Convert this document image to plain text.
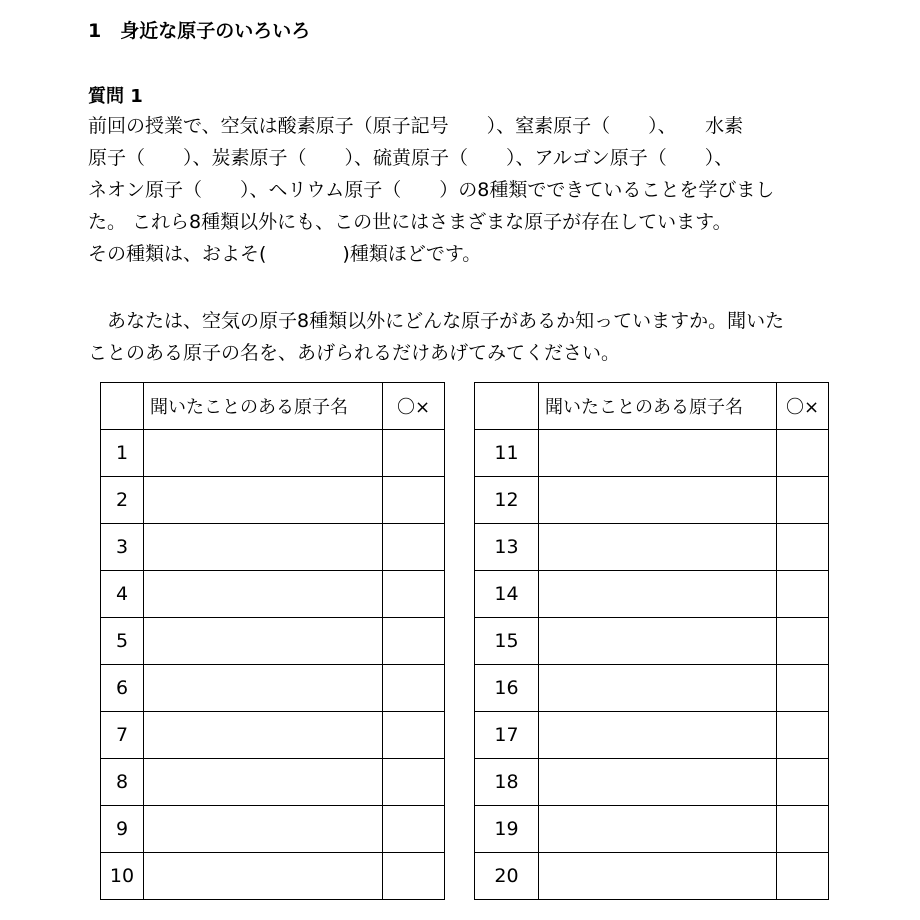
1　身近な原子のいろいろ
質問 1
前回の授業で、空気は酸素原子（原子記号　　）、窒素原子（　　）、　　水素
原子（　　）、炭素原子（　　）、硫黄原子（　　）、アルゴン原子（　　）、
ネオン原子（　　）、ヘリウム原子（　　）の8種類でできていることを学びまし
た。 これら8種類以外にも、この世にはさまざまな原子が存在しています。
その種類は、およそ(　　　　)種類ほどです。
　あなたは、空気の原子8種類以外にどんな原子があるか知っていますか。聞いた
ことのある原子の名を、あげられるだけあげてみてください。
	聞いたことのある原子名	〇×
1		
2		
3		
4		
5		
6		
7		
8		
9		
10		
	聞いたことのある原子名	〇×
11		
12		
13		
14		
15		
16		
17		
18		
19		
20		
